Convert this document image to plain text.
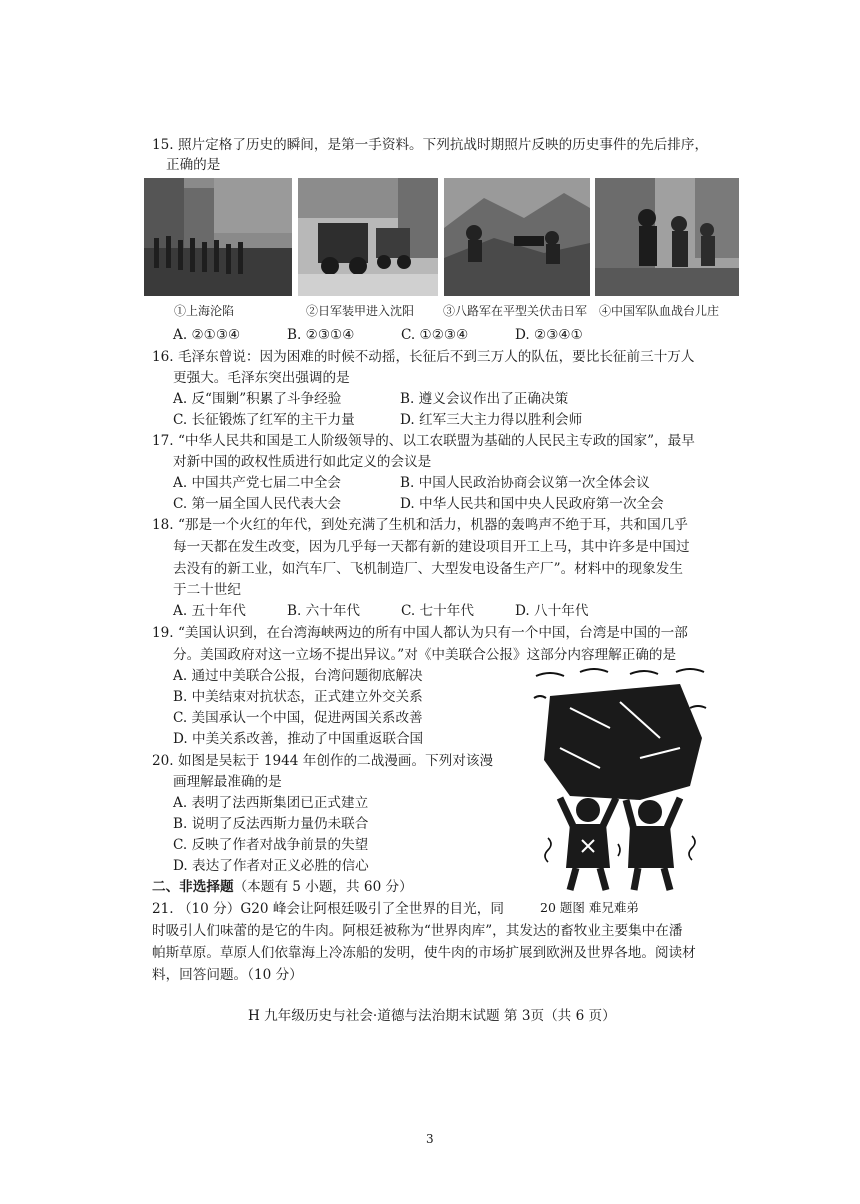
15. 照片定格了历史的瞬间，是第一手资料。下列抗战时期照片反映的历史事件的先后排序，
正确的是
①上海沦陷	②日军装甲进入沈阳 ③八路军在平型关伏击日军 ④中国军队血战台儿庄
A. ②①③④	B. ②③①④	C. ①②③④	D. ②③④①
16. 毛泽东曾说：因为困难的时候不动摇，长征后不到三万人的队伍，要比长征前三十万人
更强大。毛泽东突出强调的是
A. 反“围剿”积累了斗争经验	B. 遵义会议作出了正确决策
C. 长征锻炼了红军的主干力量	D. 红军三大主力得以胜利会师
17. “中华人民共和国是工人阶级领导的、以工农联盟为基础的人民民主专政的国家”，最早
对新中国的政权性质进行如此定义的会议是
A. 中国共产党七届二中全会	B. 中国人民政治协商会议第一次全体会议
C. 第一届全国人民代表大会	D. 中华人民共和国中央人民政府第一次全会
18. “那是一个火红的年代，到处充满了生机和活力，机器的轰鸣声不绝于耳，共和国几乎
每一天都在发生改变，因为几乎每一天都有新的建设项目开工上马，其中许多是中国过
去没有的新工业，如汽车厂、飞机制造厂、大型发电设备生产厂”。材料中的现象发生
于二十世纪
A. 五十年代	B. 六十年代	C. 七十年代	D. 八十年代
19. “美国认识到，在台湾海峡两边的所有中国人都认为只有一个中国，台湾是中国的一部
分。美国政府对这一立场不提出异议。”对《中美联合公报》这部分内容理解正确的是
A. 通过中美联合公报，台湾问题彻底解决
B. 中美结束对抗状态，正式建立外交关系
C. 美国承认一个中国，促进两国关系改善
D. 中美关系改善，推动了中国重返联合国
20. 如图是吴耘于 1944 年创作的二战漫画。下列对该漫
画理解最准确的是
A. 表明了法西斯集团已正式建立
B. 说明了反法西斯力量仍未联合
C. 反映了作者对战争前景的失望
D. 表达了作者对正义必胜的信心
20 题图 难兄难弟
二、非选择题（本题有 5 小题，共 60 分）
21. （10 分）G20 峰会让阿根廷吸引了全世界的目光，同
时吸引人们味蕾的是它的牛肉。阿根廷被称为“世界肉库”，其发达的畜牧业主要集中在潘
帕斯草原。草原人们依靠海上冷冻船的发明，使牛肉的市场扩展到欧洲及世界各地。阅读材
料，回答问题。（10 分）
H 九年级历史与社会·道德与法治期末试题 第 3页（共 6 页）
3
